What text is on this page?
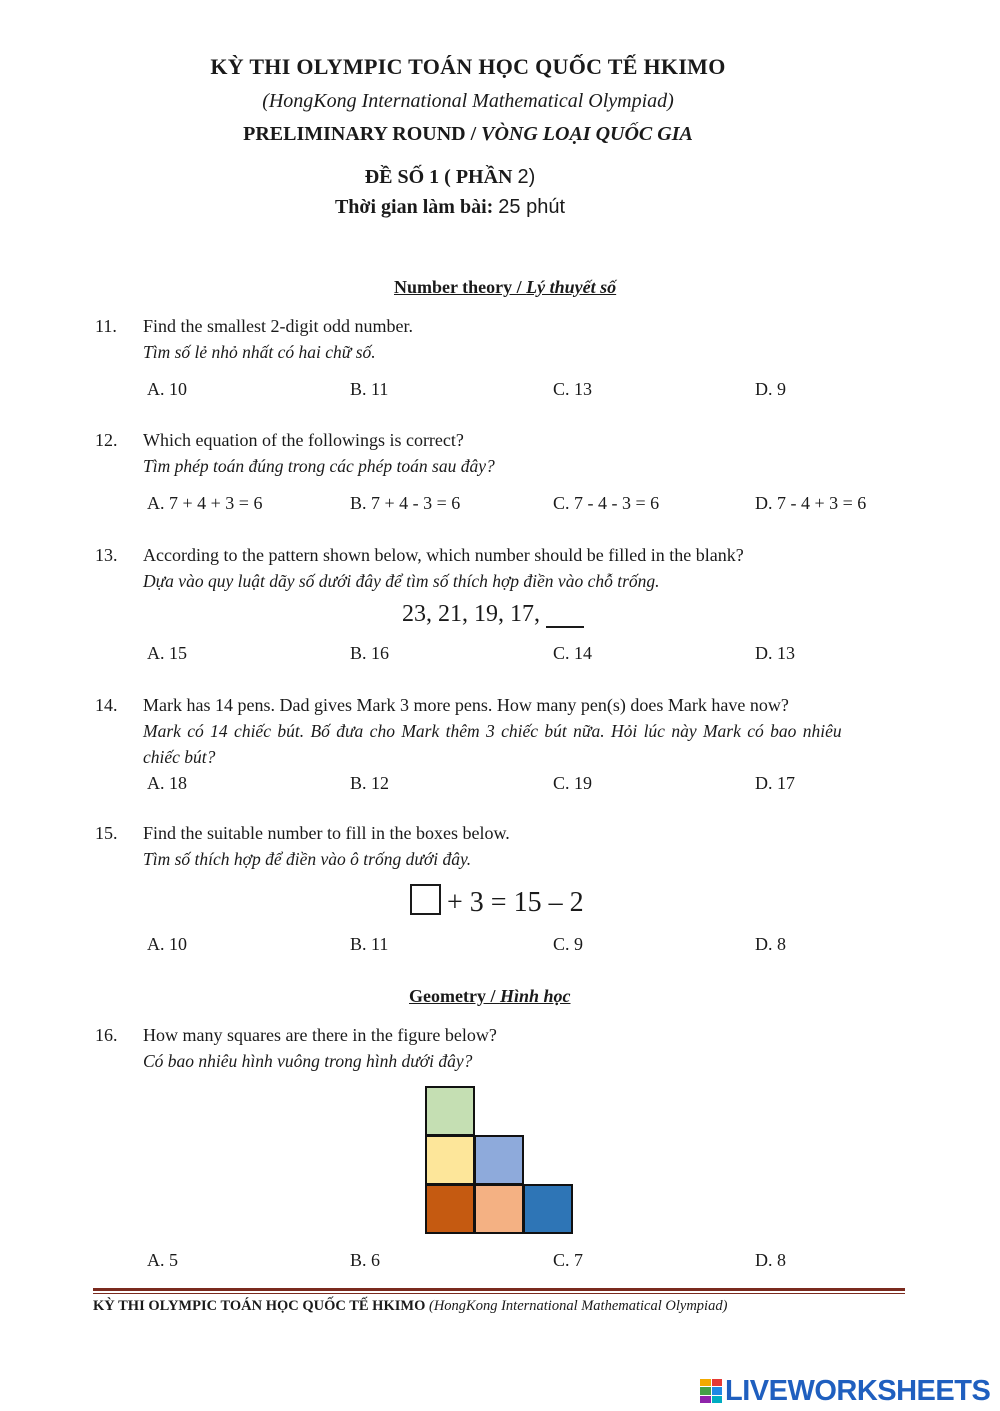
KỲ THI OLYMPIC TOÁN HỌC QUỐC TẾ HKIMO
(HongKong International Mathematical Olympiad)
PRELIMINARY ROUND / VÒNG LOẠI QUỐC GIA
ĐỀ SỐ 1 ( PHẦN 2)
Thời gian làm bài: 25 phút
Number theory / Lý thuyết số
11. Find the smallest 2-digit odd number.
Tìm số lẻ nhỏ nhất có hai chữ số.
A. 10	B. 11	C. 13	D. 9
12. Which equation of the followings is correct?
Tìm phép toán đúng trong các phép toán sau đây?
A. 7 + 4 + 3 = 6	B. 7 + 4 - 3 = 6	C. 7 - 4 - 3 = 6	D. 7 - 4 + 3 = 6
13. According to the pattern shown below, which number should be filled in the blank?
Dựa vào quy luật dãy số dưới đây để tìm số thích hợp điền vào chỗ trống.
23, 21, 19, 17,
A. 15	B. 16	C. 14	D. 13
14. Mark has 14 pens. Dad gives Mark 3 more pens. How many pen(s) does Mark have now?
Mark có 14 chiếc bút. Bố đưa cho Mark thêm 3 chiếc bút nữa. Hỏi lúc này Mark có bao nhiêu
chiếc bút?
A. 18	B. 12	C. 19	D. 17
15. Find the suitable number to fill in the boxes below.
Tìm số thích hợp để điền vào ô trống dưới đây.
+ 3 = 15 – 2
A. 10	B. 11	C. 9	D. 8
Geometry / Hình học
16. How many squares are there in the figure below?
Có bao nhiêu hình vuông trong hình dưới đây?
A. 5	B. 6	C. 7	D. 8
KỲ THI OLYMPIC TOÁN HỌC QUỐC TẾ HKIMO (HongKong International Mathematical Olympiad)
LIVEWORKSHEETS
